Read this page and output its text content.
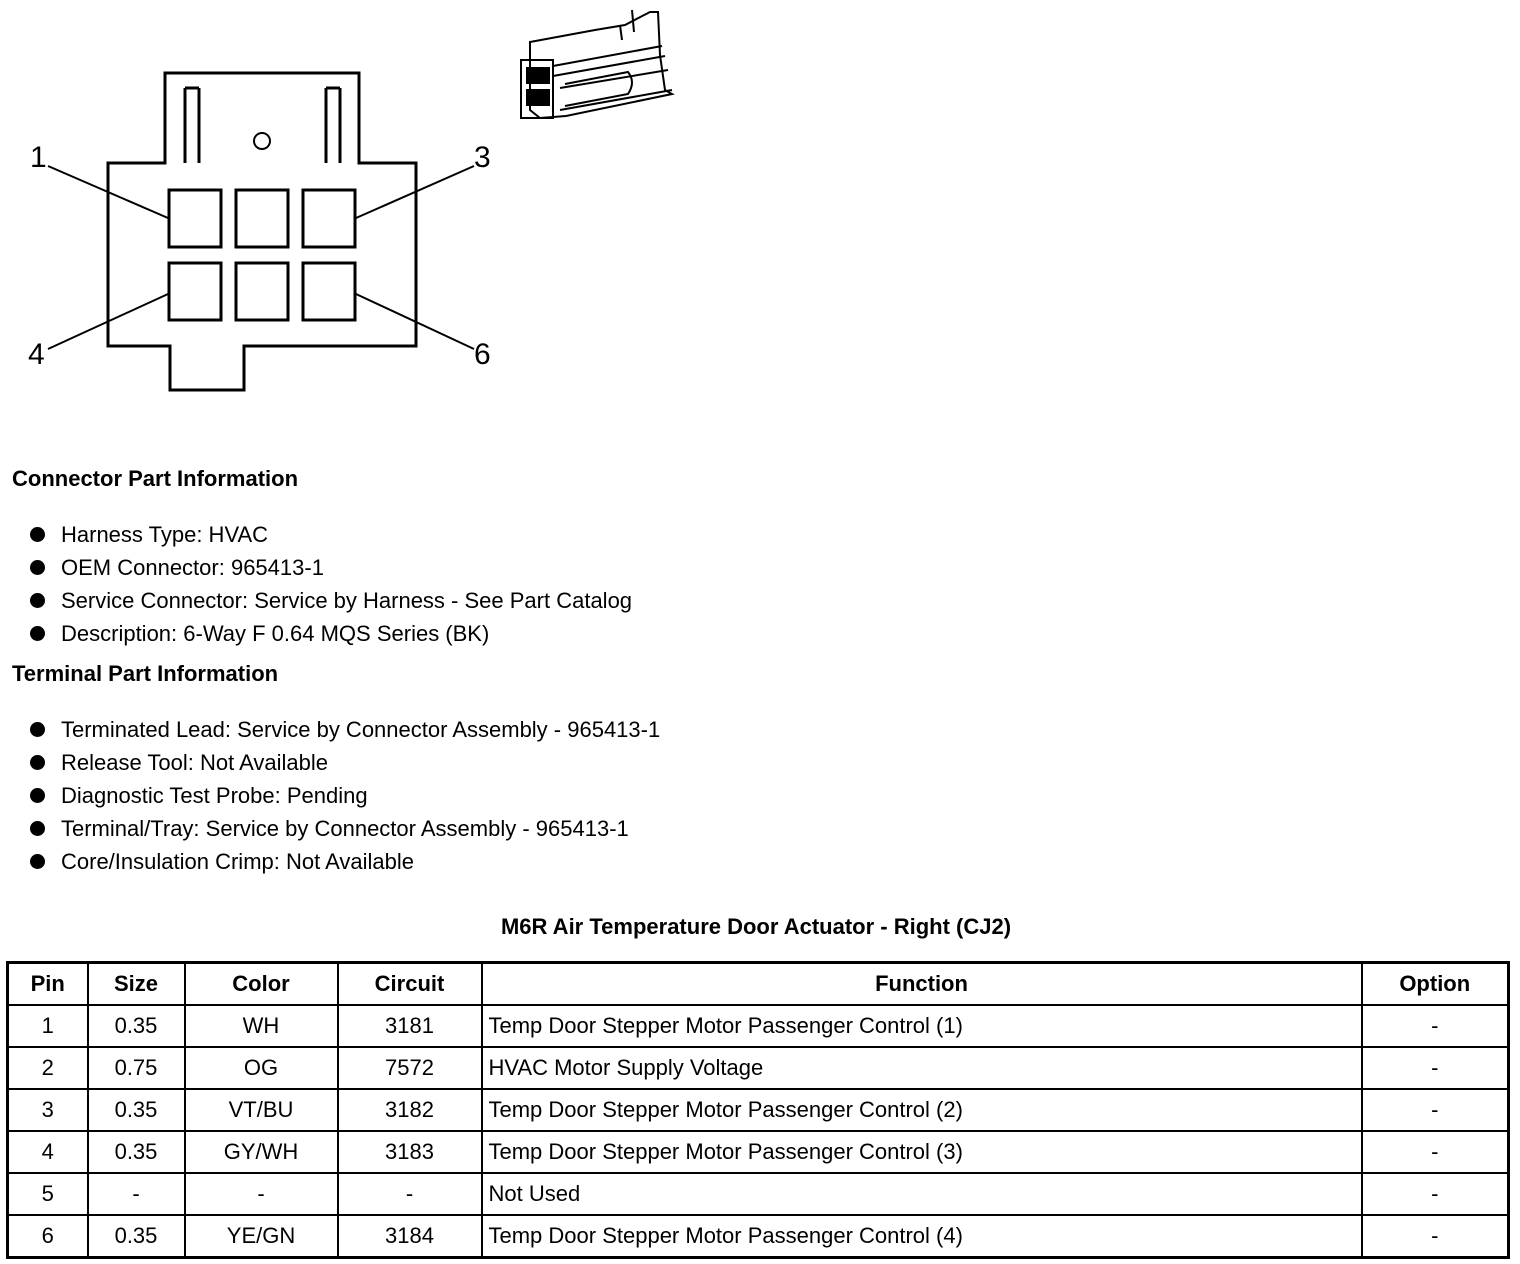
1	3
4	6
Connector Part Information
Harness Type: HVAC
OEM Connector: 965413-1
Service Connector: Service by Harness - See Part Catalog
Description: 6-Way F 0.64 MQS Series (BK)
Terminal Part Information
Terminated Lead: Service by Connector Assembly - 965413-1
Release Tool: Not Available
Diagnostic Test Probe: Pending
Terminal/Tray: Service by Connector Assembly - 965413-1
Core/Insulation Crimp: Not Available
M6R Air Temperature Door Actuator - Right (CJ2)
Pin	Size	Color	Circuit	Function	Option
1	0.35	WH	3181	Temp Door Stepper Motor Passenger Control (1)	-
2	0.75	OG	7572	HVAC Motor Supply Voltage	-
3	0.35	VT/BU	3182	Temp Door Stepper Motor Passenger Control (2)	-
4	0.35	GY/WH	3183	Temp Door Stepper Motor Passenger Control (3)	-
5	-	-	-	Not Used	-
6	0.35	YE/GN	3184	Temp Door Stepper Motor Passenger Control (4)	-
